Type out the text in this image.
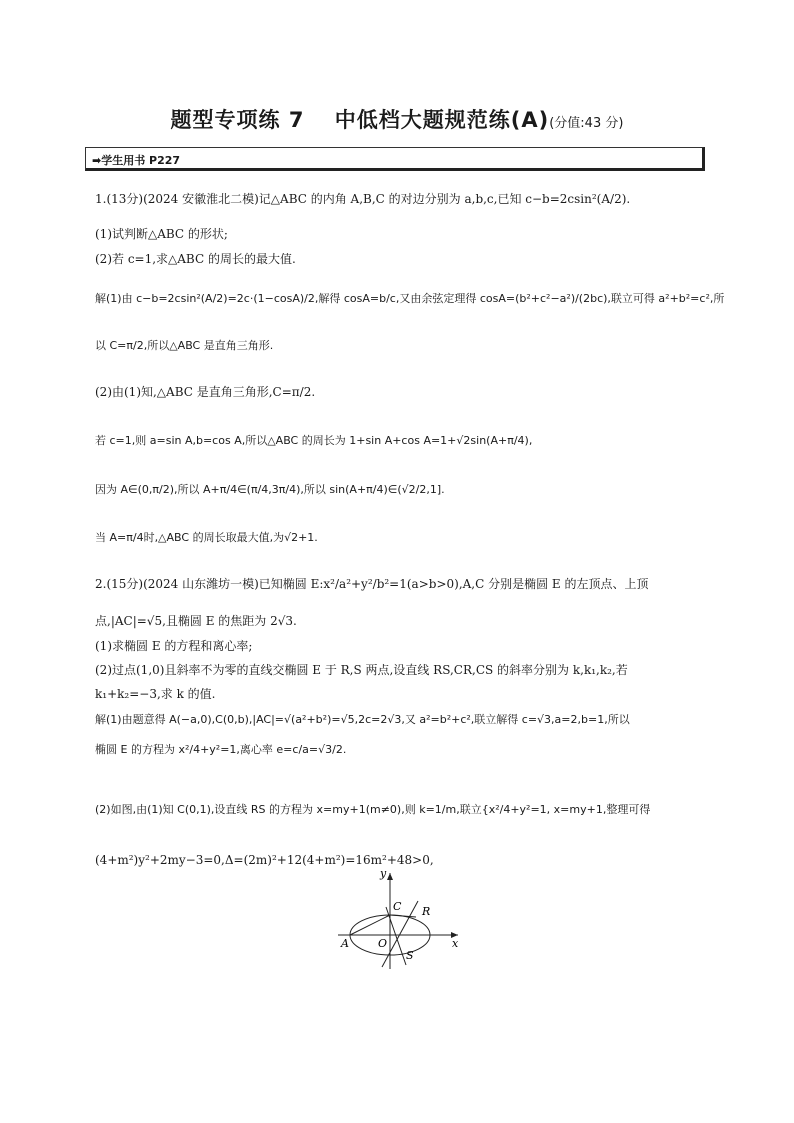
题型专项练 7 　中低档大题规范练(A)(分值:43 分)
➡学生用书 P227
1.(13分)(2024 安徽淮北二模)记△ABC 的内角 A,B,C 的对边分别为 a,b,c,已知 c−b=2csin²(A/2).
(1)试判断△ABC 的形状;
(2)若 c=1,求△ABC 的周长的最大值.
解(1)由 c−b=2csin²(A/2)=2c·(1−cosA)/2,解得 cosA=b/c,又由余弦定理得 cosA=(b²+c²−a²)/(2bc),联立可得 a²+b²=c²,所
以 C=π/2,所以△ABC 是直角三角形.
(2)由(1)知,△ABC 是直角三角形,C=π/2.
若 c=1,则 a=sin A,b=cos A,所以△ABC 的周长为 1+sin A+cos A=1+√2sin(A+π/4),
因为 A∈(0,π/2),所以 A+π/4∈(π/4,3π/4),所以 sin(A+π/4)∈(√2/2,1].
当 A=π/4时,△ABC 的周长取最大值,为√2+1.
2.(15分)(2024 山东潍坊一模)已知椭圆 E:x²/a²+y²/b²=1(a>b>0),A,C 分别是椭圆 E 的左顶点、上顶
点,|AC|=√5,且椭圆 E 的焦距为 2√3.
(1)求椭圆 E 的方程和离心率;
(2)过点(1,0)且斜率不为零的直线交椭圆 E 于 R,S 两点,设直线 RS,CR,CS 的斜率分别为 k,k₁,k₂,若
k₁+k₂=−3,求 k 的值.
解(1)由题意得 A(−a,0),C(0,b),|AC|=√(a²+b²)=√5,2c=2√3,又 a²=b²+c²,联立解得 c=√3,a=2,b=1,所以
椭圆 E 的方程为 x²/4+y²=1,离心率 e=c/a=√3/2.
(2)如图,由(1)知 C(0,1),设直线 RS 的方程为 x=my+1(m≠0),则 k=1/m,联立{x²/4+y²=1, x=my+1,整理可得
(4+m²)y²+2my−3=0,Δ=(2m)²+12(4+m²)=16m²+48>0,
y
x
A	O
C R
S
